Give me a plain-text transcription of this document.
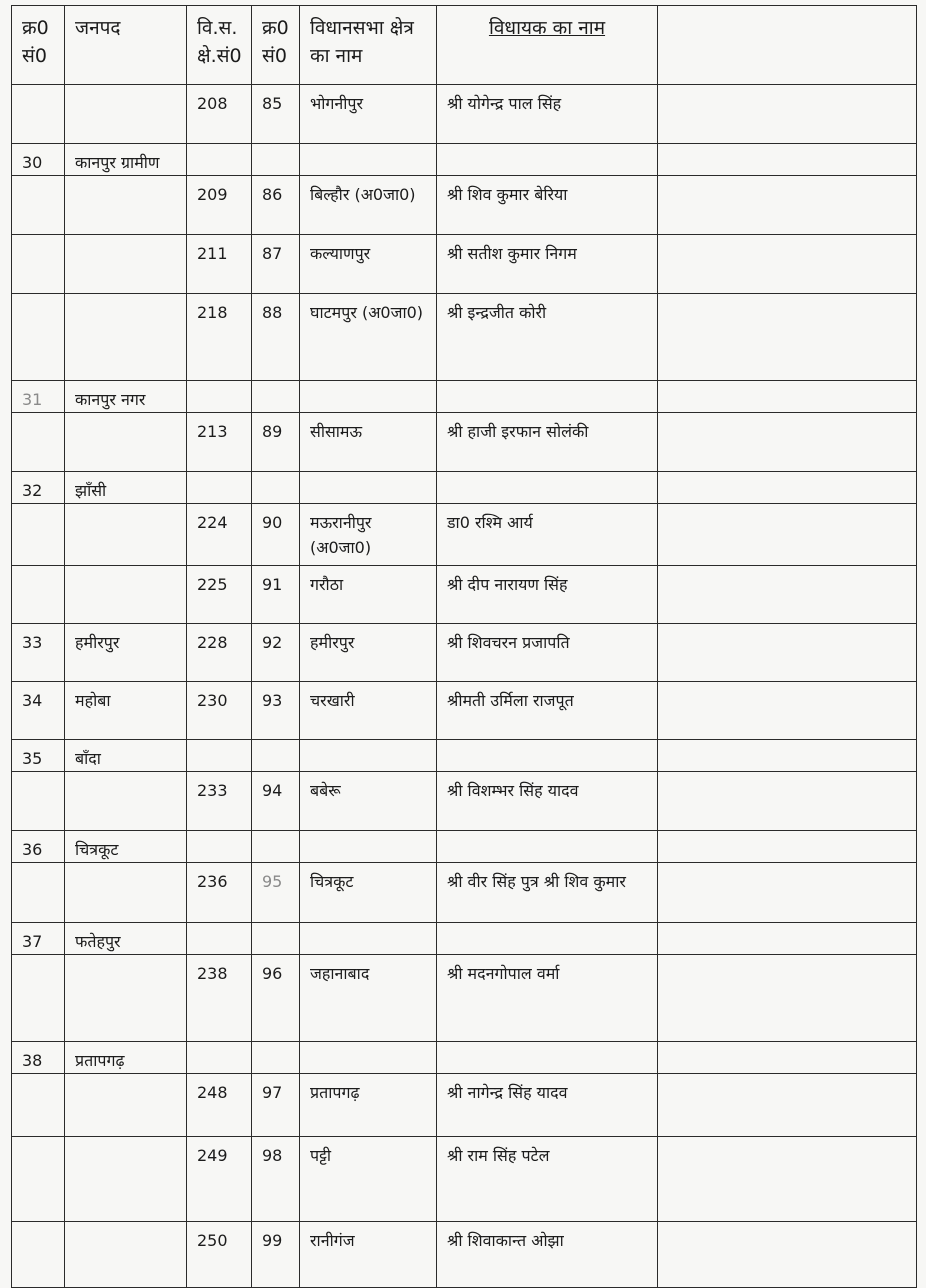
क्र0 सं0	जनपद	वि.स. क्षे.सं0	क्र0 सं0	विधानसभा क्षेत्र का नाम	विधायक का नाम	
		208	85	भोगनीपुर	श्री योगेन्द्र पाल सिंह	
30	कानपुर ग्रामीण					
		209	86	बिल्हौर (अ0जा0)	श्री शिव कुमार बेरिया	
		211	87	कल्याणपुर	श्री सतीश कुमार निगम	
		218	88	घाटमपुर (अ0जा0)	श्री इन्द्रजीत कोरी	
31	कानपुर नगर					
		213	89	सीसामऊ	श्री हाजी इरफान सोलंकी	
32	झाँसी					
		224	90	मऊरानीपुर (अ0जा0)	डा0 रश्मि आर्य	
		225	91	गरौठा	श्री दीप नारायण सिंह	
33	हमीरपुर	228	92	हमीरपुर	श्री शिवचरन प्रजापति	
34	महोबा	230	93	चरखारी	श्रीमती उर्मिला राजपूत	
35	बाँदा					
		233	94	बबेरू	श्री विशम्भर सिंह यादव	
36	चित्रकूट					
		236	95	चित्रकूट	श्री वीर सिंह पुत्र श्री शिव कुमार	
37	फतेहपुर					
		238	96	जहानाबाद	श्री मदनगोपाल वर्मा	
38	प्रतापगढ़					
		248	97	प्रतापगढ़	श्री नागेन्द्र सिंह यादव	
		249	98	पट्टी	श्री राम सिंह पटेल	
		250	99	रानीगंज	श्री शिवाकान्त ओझा	
